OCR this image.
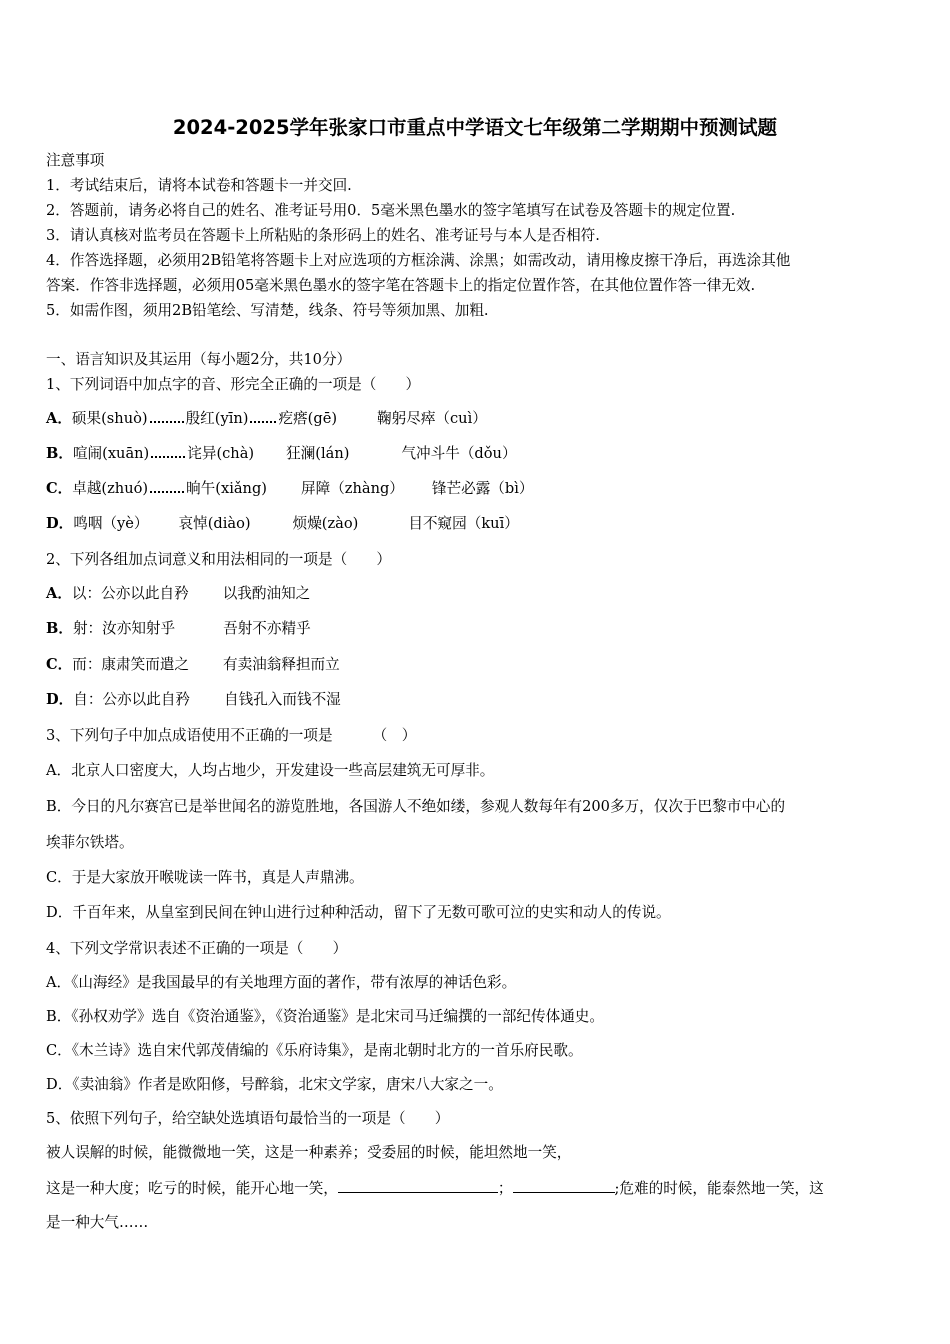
2024-2025学年张家口市重点中学语文七年级第二学期期中预测试题
注意事项
1．考试结束后，请将本试卷和答题卡一并交回.
2．答题前，请务必将自己的姓名、准考证号用0．5毫米黑色墨水的签字笔填写在试卷及答题卡的规定位置.
3．请认真核对监考员在答题卡上所粘贴的条形码上的姓名、准考证号与本人是否相符.
4．作答选择题，必须用2B铅笔将答题卡上对应选项的方框涂满、涂黑；如需改动，请用橡皮擦干净后，再选涂其他
答案．作答非选择题，必须用05毫米黑色墨水的签字笔在答题卡上的指定位置作答，在其他位置作答一律无效.
5．如需作图，须用2B铅笔绘、写清楚，线条、符号等须加黑、加粗.
一、语言知识及其运用（每小题2分，共10分）
1、下列词语中加点字的音、形完全正确的一项是（　　）
A．硕果(shuò)	殷红(yīn) 疙瘩(gē)	鞠躬尽瘁（cuì）
B．喧闹(xuān)	诧异(chà) 狂澜(lán)	气冲斗牛（dǒu）
C．卓越(zhuó)	晌午(xiǎng) 屏障（zhàng） 锋芒必露（bì）
D．鸣咽（yè） 哀悼(diào)	烦燥(zào)	目不窥园（kuī）
2、下列各组加点词意义和用法相同的一项是（　　）
A．以：公亦以此自矜 以我酌油知之
B．射：汝亦知射乎	吾射不亦精乎
C．而：康肃笑而遣之 有卖油翁释担而立
D．自：公亦以此自矜 自钱孔入而钱不湿
3、下列句子中加点成语使用不正确的一项是	（　）
A．北京人口密度大，人均占地少，开发建设一些高层建筑无可厚非。
B．今日的凡尔赛宫已是举世闻名的游览胜地，各国游人不绝如缕，参观人数每年有200多万，仅次于巴黎市中心的
埃菲尔铁塔。
C．于是大家放开喉咙读一阵书，真是人声鼎沸。
D．千百年来，从皇室到民间在钟山进行过种种活动，留下了无数可歌可泣的史实和动人的传说。
4、下列文学常识表述不正确的一项是（　　）
A．《山海经》是我国最早的有关地理方面的著作，带有浓厚的神话色彩。
B．《孙权劝学》选自《资治通鉴》，《资治通鉴》是北宋司马迁编撰的一部纪传体通史。
C．《木兰诗》选自宋代郭茂倩编的《乐府诗集》，是南北朝时北方的一首乐府民歌。
D．《卖油翁》作者是欧阳修，号醉翁，北宋文学家，唐宋八大家之一。
5、依照下列句子，给空缺处选填语句最恰当的一项是（　　）
被人误解的时候，能微微地一笑，这是一种素养；受委屈的时候，能坦然地一笑，
这是一种大度；吃亏的时候，能开心地一笑，	；	;危难的时候，能泰然地一笑，这
是一种大气……
